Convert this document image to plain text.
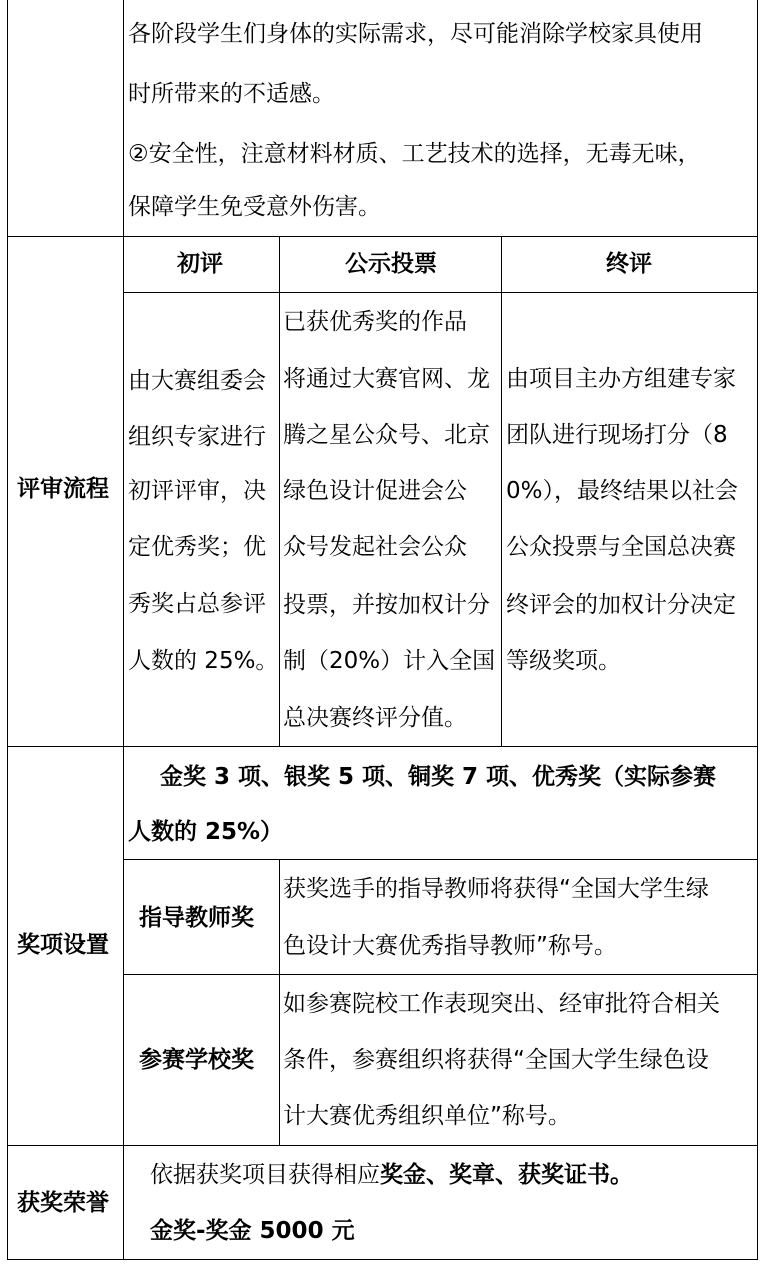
各阶段学生们身体的实际需求，尽可能消除学校家具使用
时所带来的不适感。
②安全性，注意材料材质、工艺技术的选择，无毒无味，
保障学生免受意外伤害。
评审流程
初评	公示投票	终评
由大赛组委会
组织专家进行
初评评审，决
定优秀奖；优
秀奖占总参评
人数的 25%。
已获优秀奖的作品
将通过大赛官网、龙
腾之星公众号、北京
绿色设计促进会公
众号发起社会公众
投票，并按加权计分
制（20%）计入全国
总决赛终评分值。
由项目主办方组建专家
团队进行现场打分（8
0%），最终结果以社会
公众投票与全国总决赛
终评会的加权计分决定
等级奖项。
奖项设置
金奖 3 项、银奖 5 项、铜奖 7 项、优秀奖（实际参赛
人数的 25%）
指导教师奖
获奖选手的指导教师将获得“全国大学生绿
色设计大赛优秀指导教师”称号。
参赛学校奖
如参赛院校工作表现突出、经审批符合相关
条件，参赛组织将获得“全国大学生绿色设
计大赛优秀组织单位”称号。
获奖荣誉
依据获奖项目获得相应奖金、奖章、获奖证书。
金奖-奖金 5000 元
